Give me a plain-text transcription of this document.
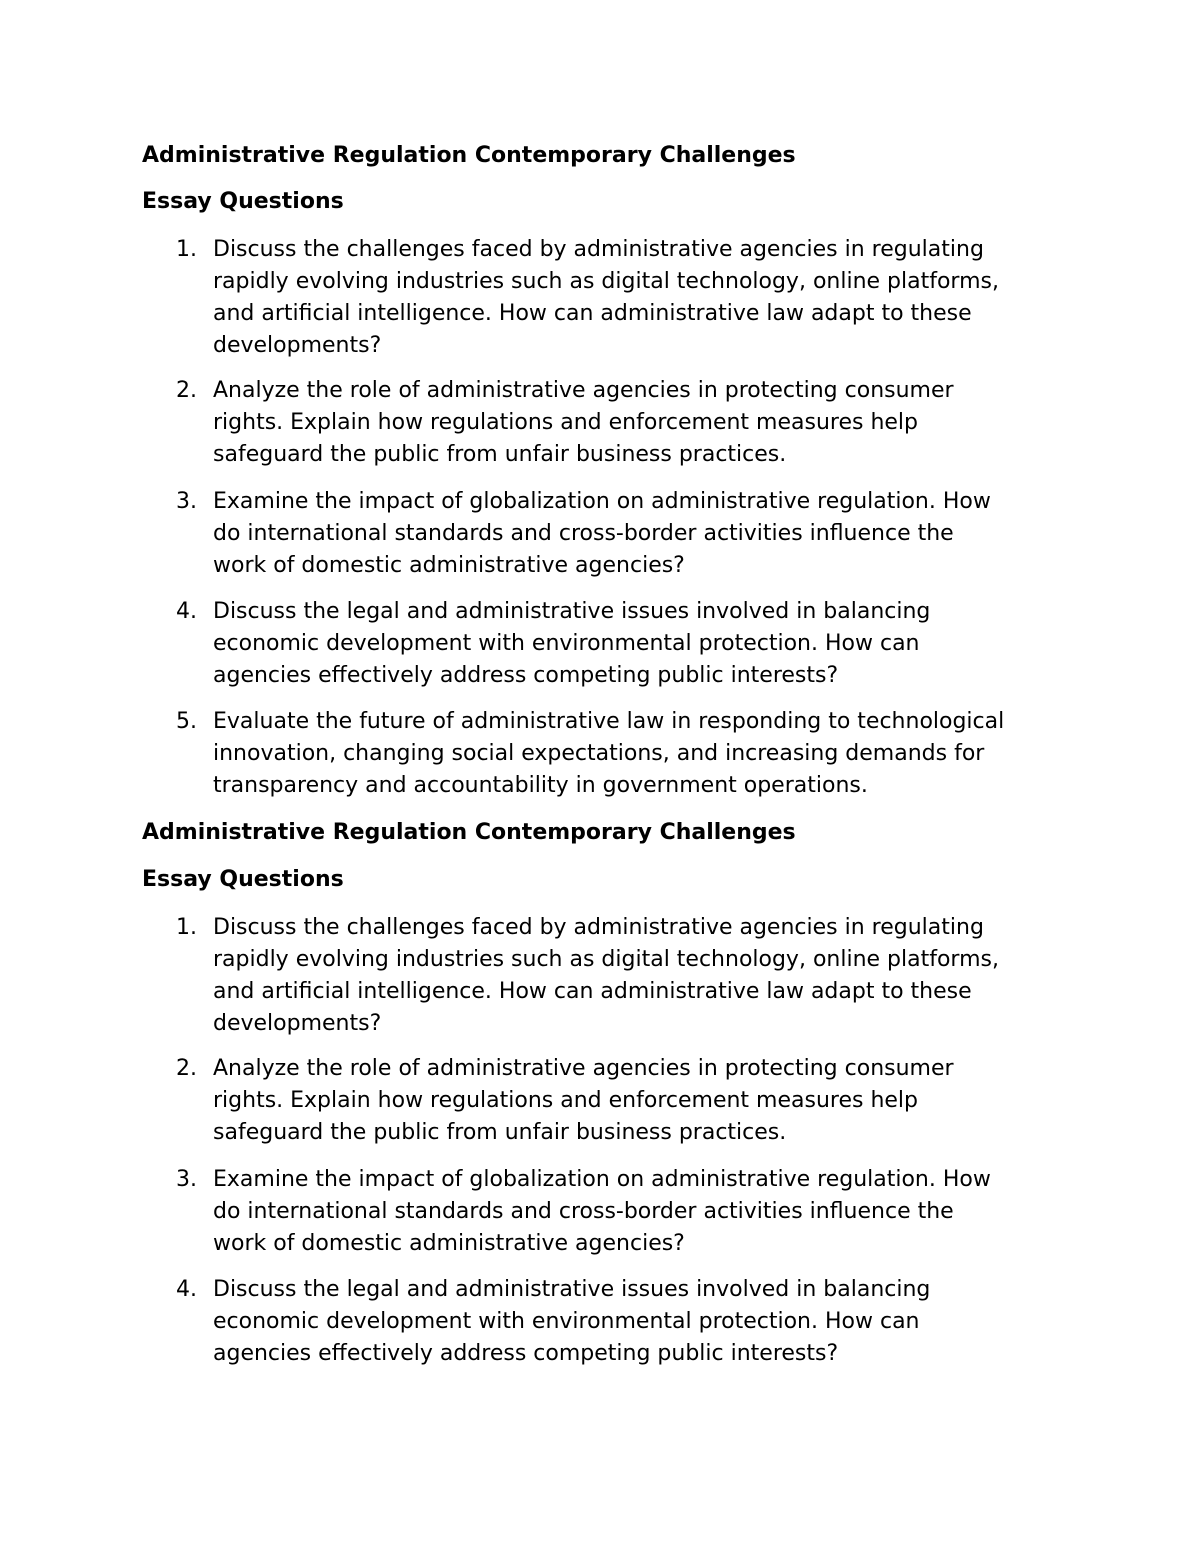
Administrative Regulation Contemporary Challenges
Essay Questions
1. Discuss the challenges faced by administrative agencies in regulating
rapidly evolving industries such as digital technology, online platforms,
and artificial intelligence. How can administrative law adapt to these
developments?
2. Analyze the role of administrative agencies in protecting consumer
rights. Explain how regulations and enforcement measures help
safeguard the public from unfair business practices.
3. Examine the impact of globalization on administrative regulation. How
do international standards and cross-border activities influence the
work of domestic administrative agencies?
4. Discuss the legal and administrative issues involved in balancing
economic development with environmental protection. How can
agencies effectively address competing public interests?
5. Evaluate the future of administrative law in responding to technological
innovation, changing social expectations, and increasing demands for
transparency and accountability in government operations.
Administrative Regulation Contemporary Challenges
Essay Questions
1. Discuss the challenges faced by administrative agencies in regulating
rapidly evolving industries such as digital technology, online platforms,
and artificial intelligence. How can administrative law adapt to these
developments?
2. Analyze the role of administrative agencies in protecting consumer
rights. Explain how regulations and enforcement measures help
safeguard the public from unfair business practices.
3. Examine the impact of globalization on administrative regulation. How
do international standards and cross-border activities influence the
work of domestic administrative agencies?
4. Discuss the legal and administrative issues involved in balancing
economic development with environmental protection. How can
agencies effectively address competing public interests?
